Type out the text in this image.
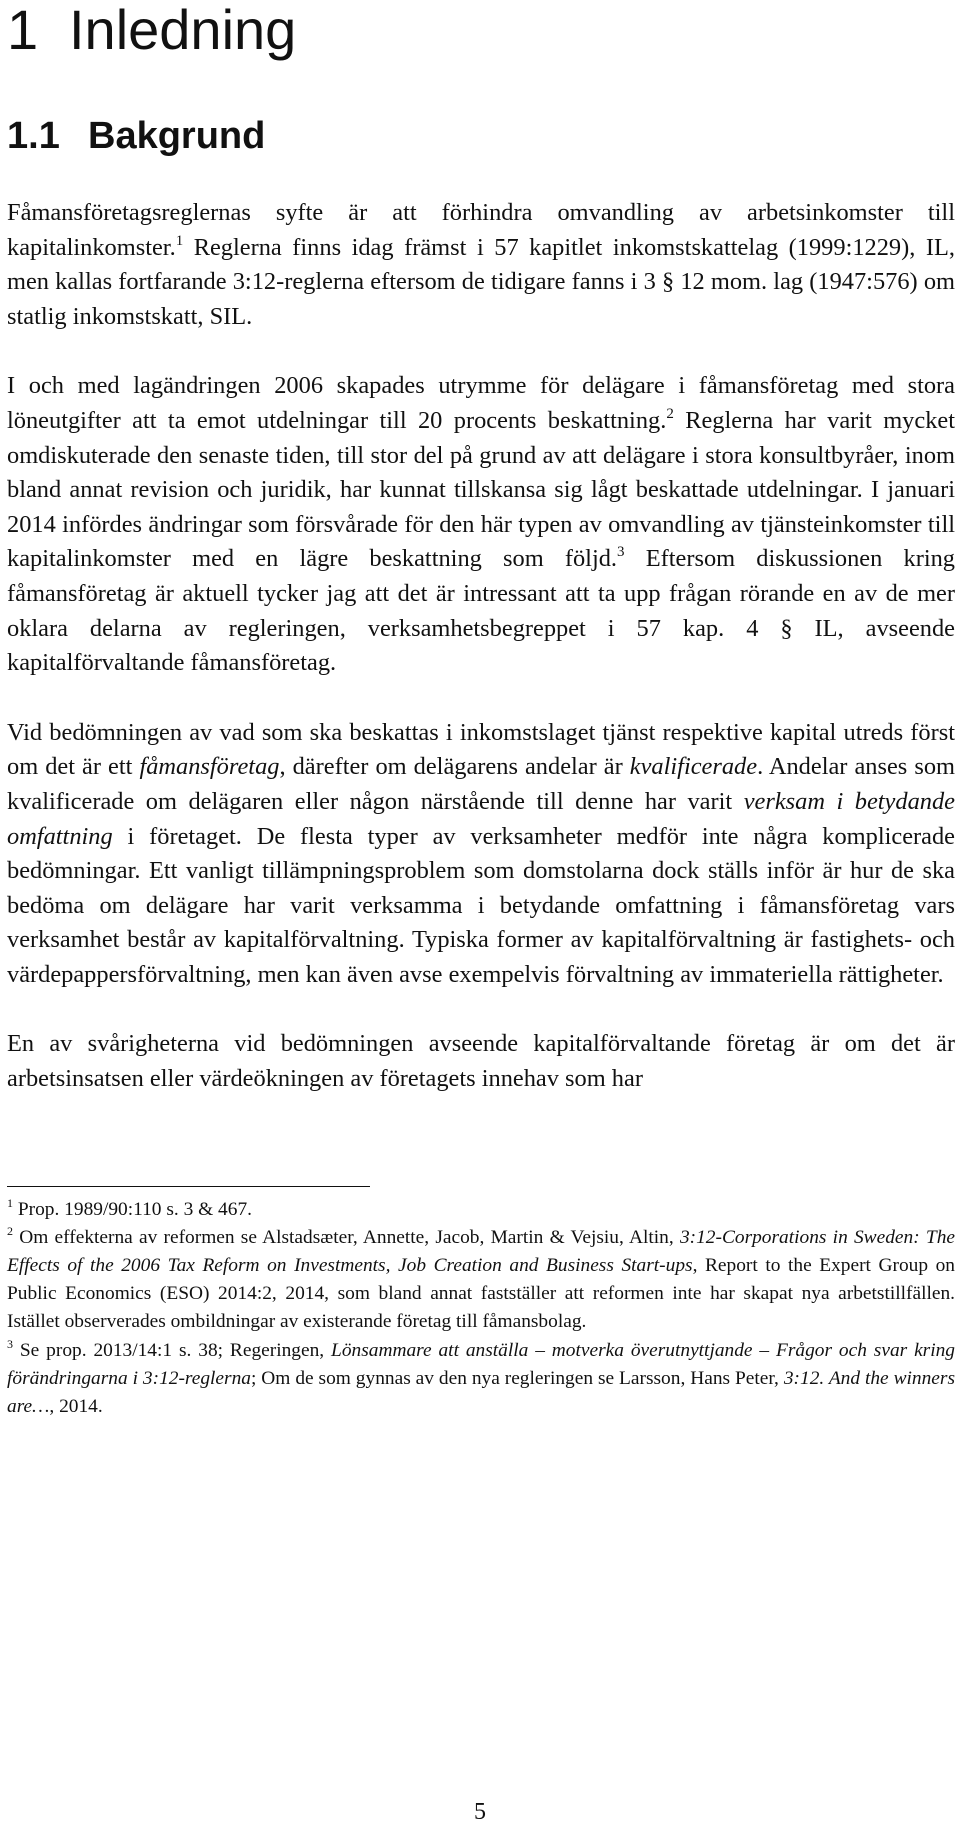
1 Inledning
1.1 Bakgrund

Fåmansföretagsreglernas syfte är att förhindra omvandling av arbetsinkomster till kapitalinkomster.$^1$ Reglerna finns idag främst i 57 kapitlet inkomstskattelag (1999:1229), IL, men kallas fortfarande 3:12-reglerna eftersom de tidigare fanns i 3 § 12 mom. lag (1947:576) om statlig inkomstskatt, SIL.

I och med lagändringen 2006 skapades utrymme för delägare i fåmansföretag med stora löneutgifter att ta emot utdelningar till 20 procents beskattning.$^2$ Reglerna har varit mycket omdiskuterade den senaste tiden, till stor del på grund av att delägare i stora konsultbyråer, inom bland annat revision och juridik, har kunnat tillskansa sig lågt beskattade utdelningar. I januari 2014 infördes ändringar som försvårade för den här typen av omvandling av tjänsteinkomster till kapitalinkomster med en lägre beskattning som följd.$^3$ Eftersom diskussionen kring fåmansföretag är aktuell tycker jag att det är intressant att ta upp frågan rörande en av de mer oklara delarna av regleringen, verksamhetsbegreppet i 57 kap. 4 § IL, avseende kapitalförvaltande fåmansföretag.

Vid bedömningen av vad som ska beskattas i inkomstslaget tjänst respektive kapital utreds först om det är ett fåmansföretag, därefter om delägarens andelar är kvalificerade. Andelar anses som kvalificerade om delägaren eller någon närstående till denne har varit verksam i betydande omfattning i företaget. De flesta typer av verksamheter medför inte några komplicerade bedömningar. Ett vanligt tillämpningsproblem som domstolarna dock ställs inför är hur de ska bedöma om delägare har varit verksamma i betydande omfattning i fåmansföretag vars verksamhet består av kapitalförvaltning. Typiska former av kapitalförvaltning är fastighets- och värdepappersförvaltning, men kan även avse exempelvis förvaltning av immateriella rättigheter.

En av svårigheterna vid bedömningen avseende kapitalförvaltande företag är om det är arbetsinsatsen eller värdeökningen av företagets innehav som har

$^1$ Prop. 1989/90:110 s. 3 & 467.

$^2$ Om effekterna av reformen se Alstadsæter, Annette, Jacob, Martin & Vejsiu, Altin, 3:12-Corporations in Sweden: The Effects of the 2006 Tax Reform on Investments, Job Creation and Business Start-ups, Report to the Expert Group on Public Economics (ESO) 2014:2, 2014, som bland annat fastställer att reformen inte har skapat nya arbetstillfällen. Istället observerades ombildningar av existerande företag till fåmansbolag.

$^3$ Se prop. 2013/14:1 s. 38; Regeringen, Lönsammare att anställa – motverka överutnyttjande – Frågor och svar kring förändringarna i 3:12-reglerna; Om de som gynnas av den nya regleringen se Larsson, Hans Peter, 3:12. And the winners are…, 2014.

5
